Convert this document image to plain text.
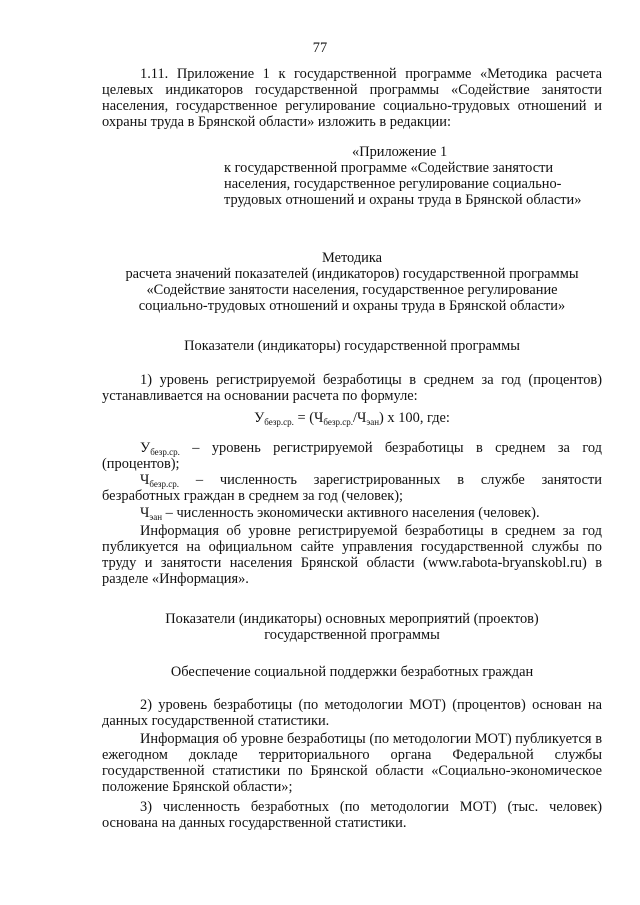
77
1.11. Приложение 1 к государственной программе «Методика расчета целевых индикаторов государственной программы «Содействие занятости населения, государственное регулирование социально-трудовых отношений и охраны труда в Брянской области» изложить в редакции:
«Приложение 1
к государственной программе «Содействие занятости
населения, государственное регулирование социально-
трудовых отношений и охраны труда в Брянской области»
Методика
расчета значений показателей (индикаторов) государственной программы
«Содействие занятости населения, государственное регулирование
социально-трудовых отношений и охраны труда в Брянской области»
Показатели (индикаторы) государственной программы
1) уровень регистрируемой безработицы в среднем за год (процентов) устанавливается на основании расчета по формуле:
$У_{безр.ср.} = (Ч_{безр.ср.}/Ч_{эан})$ х 100, где:
$У_{безр.ср.}$ – уровень регистрируемой безработицы в среднем за год (процентов);
$Ч_{безр.ср.}$ – численность зарегистрированных в службе занятости безработных граждан в среднем за год (человек);
$Ч_{эан}$ – численность экономически активного населения (человек).
Информация об уровне регистрируемой безработицы в среднем за год публикуется на официальном сайте управления государственной службы по труду и занятости населения Брянской области (www.rabota-bryanskobl.ru) в разделе «Информация».
Показатели (индикаторы) основных мероприятий (проектов)
государственной программы
Обеспечение социальной поддержки безработных граждан
2) уровень безработицы (по методологии МОТ) (процентов) основан на данных государственной статистики.
Информация об уровне безработицы (по методологии МОТ) публикуется в ежегодном докладе территориального органа Федеральной службы государственной статистики по Брянской области «Социально-экономическое положение Брянской области»;
3) численность безработных (по методологии МОТ) (тыс. человек) основана на данных государственной статистики.
